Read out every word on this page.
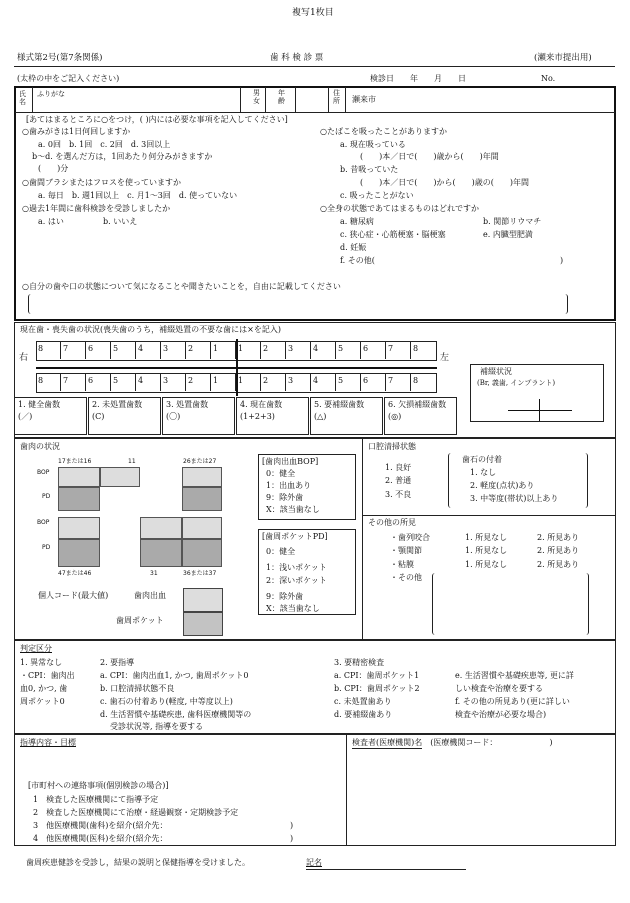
複写1枚目
様式第2号(第7条関係)	歯 科 検 診 票	(瀬来市提出用)
(太枠の中をご記入ください)	検診日　　年　　月　　日	No.
氏
名
ふりがな	男
女
年
齢
住
所 瀬来市
[あてはまるところに○をつけ，( )内には必要な事項を記入してください]
○歯みがきは1日何回しますか
a. 0回　b. 1回　c. 2回　d. 3回以上
b〜d. を選んだ方は，1回あたり何分みがきますか
(　　)分
○歯間ブラシまたはフロスを使っていますか
a. 毎日　b. 週1回以上　c. 月1〜3回　d. 使っていない
○過去1年間に歯科検診を受診しましたか
a. はい	b. いいえ
○たばこを吸ったことがありますか
a. 現在吸っている
(　　)本／日で(　　)歳から(　　)年間
b. 昔吸っていた
(　　)本／日で(　　)から(　　)歳の(　　)年間
c. 吸ったことがない
○全身の状態であてはまるものはどれですか
a. 糖尿病	b. 関節リウマチ
c. 狭心症・心筋梗塞・脳梗塞	e. 内臓型肥満
d. 妊娠
f. その他(	)
○自分の歯や口の状態について気になることや聞きたいことを，自由に記載してください
現在歯・喪失歯の状況(喪失歯のうち，補綴処置の不要な歯には×を記入)
右	左
8	7	6	5	4	3	2	1	1	2	3	4	5	6	7	8
8	7	6	5	4	3	2	1	1	2	3	4	5	6	7	8
補綴状況
(Br, 義歯, インプラント)
1. 健全歯数
(／)
2. 未処置歯数
(C)
3. 処置歯数
(〇)
4. 現在歯数
(1+2+3)
5. 要補綴歯数
(△)
6. 欠損補綴歯数
(◎)
歯肉の状況
17または16	11	26または27
BOP
PD
BOP
PD
47または46	31	36または37
[歯肉出血BOP]
0：健全
1：出血あり
9：除外歯
X：該当歯なし
[歯周ポケットPD]
0：健全
1：浅いポケット
2：深いポケット
9：除外歯
X：該当歯なし
個人コード(最大値)	歯肉出血
歯周ポケット
口腔清掃状態
1. 良好
2. 普通
3. 不良
歯石の付着
1. なし
2. 軽度(点状)あり
3. 中等度(帯状)以上あり
その他の所見
・歯列咬合	1. 所見なし	2. 所見あり
・顎関節	1. 所見なし	2. 所見あり
・粘膜	1. 所見なし	2. 所見あり
・その他
判定区分
1. 異常なし
・CPI：歯肉出
血0, かつ, 歯
周ポケット0
2. 要指導
a. CPI：歯肉出血1, かつ, 歯周ポケット0
b. 口腔清掃状態不良
c. 歯石の付着あり(軽度, 中等度以上)
d. 生活習慣や基礎疾患, 歯科医療機関等の
受診状況等, 指導を要する
3. 要精密検査
a. CPI：歯周ポケット1
b. CPI：歯周ポケット2
c. 未処置歯あり
d. 要補綴歯あり
e. 生活習慣や基礎疾患等, 更に詳
しい検査や治療を要する
f. その他の所見あり(更に詳しい
検査や治療が必要な場合)
指導内容・目標	検査者(医療機関)名　(医療機関コード：　　　　　　　)
[市町村への連絡事項(個別検診の場合)]
1　検査した医療機関にて指導予定
2　検査した医療機関にて治療・経過観察・定期検診予定
3　他医療機関(歯科)を紹介(紹介先：	)
4　他医療機関(医科)を紹介(紹介先：	)
歯周疾患健診を受診し，結果の説明と保健指導を受けました。	記名
